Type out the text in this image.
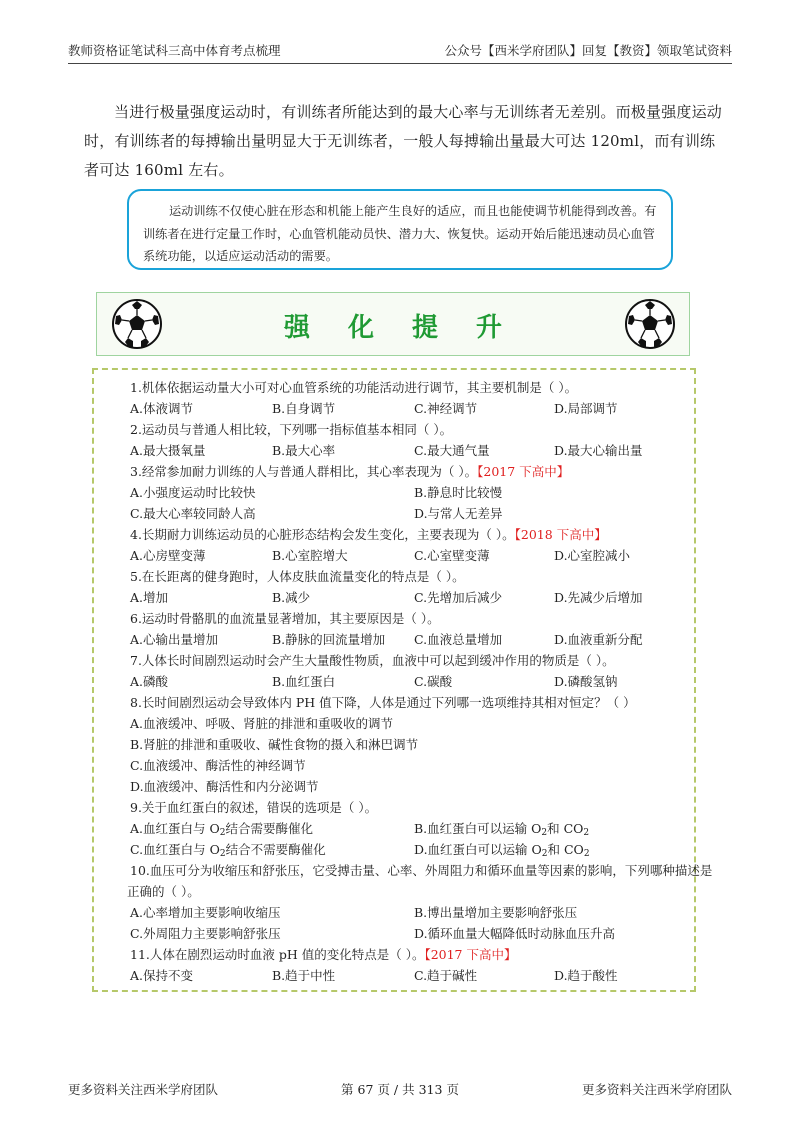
教师资格证笔试科三高中体育考点梳理	公众号【西米学府团队】回复【教资】领取笔试资料

当进行极量强度运动时，有训练者所能达到的最大心率与无训练者无差别。而极量强度运动时，有训练者的每搏输出量明显大于无训练者，一般人每搏输出量最大可达 120ml，而有训练者可达 160ml 左右。

运动训练不仅使心脏在形态和机能上能产生良好的适应，而且也能使调节机能得到改善。有训练者在进行定量工作时，心血管机能动员快、潜力大、恢复快。运动开始后能迅速动员心血管系统功能，以适应运动活动的需要。
强化提升
1.机体依据运动量大小可对心血管系统的功能活动进行调节，其主要机制是（ ）。
A.体液调节	B.自身调节	C.神经调节	D.局部调节
2.运动员与普通人相比较，下列哪一指标值基本相同（ ）。
A.最大摄氧量	B.最大心率	C.最大通气量	D.最大心输出量
3.经常参加耐力训练的人与普通人群相比，其心率表现为（ ）。【2017 下高中】
A.小强度运动时比较快	B.静息时比较慢
C.最大心率较同龄人高	D.与常人无差异
4.长期耐力训练运动员的心脏形态结构会发生变化，主要表现为（ ）。【2018 下高中】
A.心房壁变薄	B.心室腔增大	C.心室壁变薄	D.心室腔减小
5.在长距离的健身跑时，人体皮肤血流量变化的特点是（ ）。
A.增加	B.减少	C.先增加后减少	D.先减少后增加
6.运动时骨骼肌的血流量显著增加，其主要原因是（ ）。
A.心输出量增加	B.静脉的回流量增加 C.血液总量增加	D.血液重新分配
7.人体长时间剧烈运动时会产生大量酸性物质，血液中可以起到缓冲作用的物质是（ ）。
A.磷酸	B.血红蛋白	C.碳酸	D.磷酸氢钠
8.长时间剧烈运动会导致体内 PH 值下降，人体是通过下列哪一选项维持其相对恒定？（ ）
A.血液缓冲、呼吸、肾脏的排泄和重吸收的调节
B.肾脏的排泄和重吸收、碱性食物的摄入和淋巴调节
C.血液缓冲、酶活性的神经调节
D.血液缓冲、酶活性和内分泌调节
9.关于血红蛋白的叙述，错误的选项是（ ）。
A.血红蛋白与 $O_2$结合需要酶催化	B.血红蛋白可以运输 $O_2$和 $CO_2$
C.血红蛋白与 $O_2$结合不需要酶催化	D.血红蛋白可以运输 $O_2$和 $CO_2$
10.血压可分为收缩压和舒张压，它受搏击量、心率、外周阻力和循环血量等因素的影响，下列哪种描述是
正确的（ ）。
A.心率增加主要影响收缩压	B.博出量增加主要影响舒张压
C.外周阻力主要影响舒张压	D.循环血量大幅降低时动脉血压升高
11.人体在剧烈运动时血液 pH 值的变化特点是（ ）。【2017 下高中】
A.保持不变	B.趋于中性	C.趋于碱性	D.趋于酸性
更多资料关注西米学府团队	第 67 页 / 共 313 页	更多资料关注西米学府团队
